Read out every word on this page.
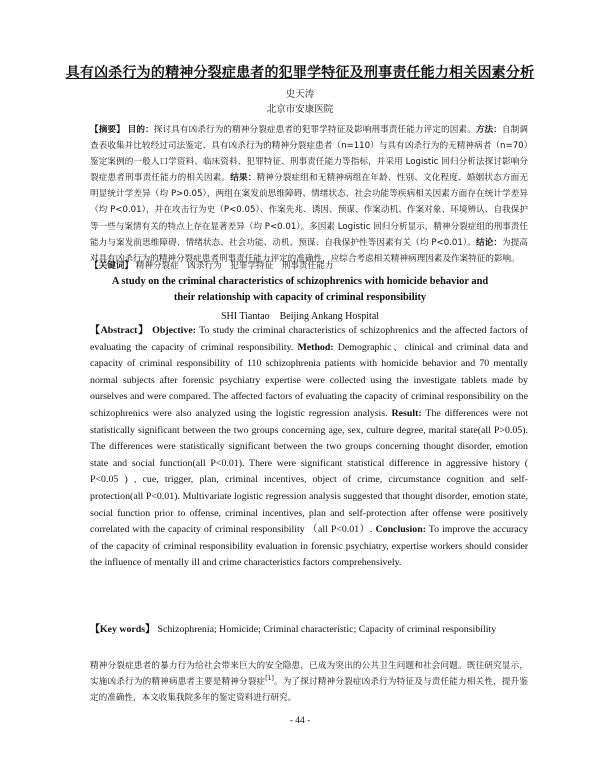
具有凶杀行为的精神分裂症患者的犯罪学特征及刑事责任能力相关因素分析
史天涛
北京市安康医院
【摘要】 目的：探讨具有凶杀行为的精神分裂症患者的犯罪学特征及影响刑事责任能力评定的因素。方法：自制调查表收集并比较经过司法鉴定、具有凶杀行为的精神分裂症患者（n=110）与具有凶杀行为的无精神病者（n=70）鉴定案例的一般人口学资料、临床资料、犯罪特征、刑事责任能力等指标，并采用 Logistic 回归分析法探讨影响分裂症患者刑事责任能力的相关因素。结果：精神分裂症组和无精神病组在年龄、性别、文化程度、婚姻状态方面无明显统计学差异（均 P>0.05），两组在案发前思维障碍、情绪状态、社会功能等疾病相关因素方面存在统计学差异（均 P<0.01），并在攻击行为史（P<0.05）、作案先兆、诱因、预谋、作案动机、作案对象、环境辨认、自我保护等一些与案情有关的特点上存在显著差异（均 P<0.01）。多因素 Logistic 回归分析显示，精神分裂症组的刑事责任能力与案发前思维障碍、情绪状态、社会功能、动机、预谋、自我保护性等因素有关（均 P<0.01）。结论：为提高对具有凶杀行为的精神分裂症患者刑事责任能力评定的准确性，应综合考虑相关精神病理因素及作案特征的影响。
【关键词】 精神分裂症　凶杀行为　犯罪学特征　刑事责任能力
A study on the criminal characteristics of schizophrenics with homicide behavior and
their relationship with capacity of criminal responsibility
SHI Tiantao　Beijing Ankang Hospital
【Abstract】 Objective: To study the criminal characteristics of schizophrenics and the affected factors of evaluating the capacity of criminal responsibility. Method: Demographic、clinical and criminal data and capacity of criminal responsibility of 110 schizophrenia patients with homicide behavior and 70 mentally normal subjects after forensic psychiatry expertise were collected using the investigate tablets made by ourselves and were compared. The affected factors of evaluating the capacity of criminal responsibility on the schizophrenics were also analyzed using the logistic regression analysis. Result: The differences were not statistically significant between the two groups concerning age, sex, culture degree, marital state(all P>0.05). The differences were statistically significant between the two groups concerning thought disorder, emotion state and social function(all P<0.01). There were significant statistical difference in aggressive history ( P<0.05 ) , cue, trigger, plan, criminal incentives, object of crime, circumstance cognition and self-protection(all P<0.01). Multivariate logistic regression analysis suggested that thought disorder, emotion state, social function prior to offense, criminal incentives, plan and self-protection after offense were positively correlated with the capacity of criminal responsibility （all P<0.01）. Conclusion: To improve the accuracy of the capacity of criminal responsibility evaluation in forensic psychiatry, expertise workers should consider the influence of mentally ill and crime characteristics factors comprehensively.
【Key words】 Schizophrenia; Homicide; Criminal characteristic; Capacity of criminal responsibility
精神分裂症患者的暴力行为给社会带来巨大的安全隐患，已成为突出的公共卫生问题和社会问题。既往研究显示，实施凶杀行为的精神病患者主要是精神分裂症[1]。为了探讨精神分裂症凶杀行为特征及与责任能力相关性，提升鉴定的准确性，本文收集我院多年的鉴定资料进行研究。
- 44 -
